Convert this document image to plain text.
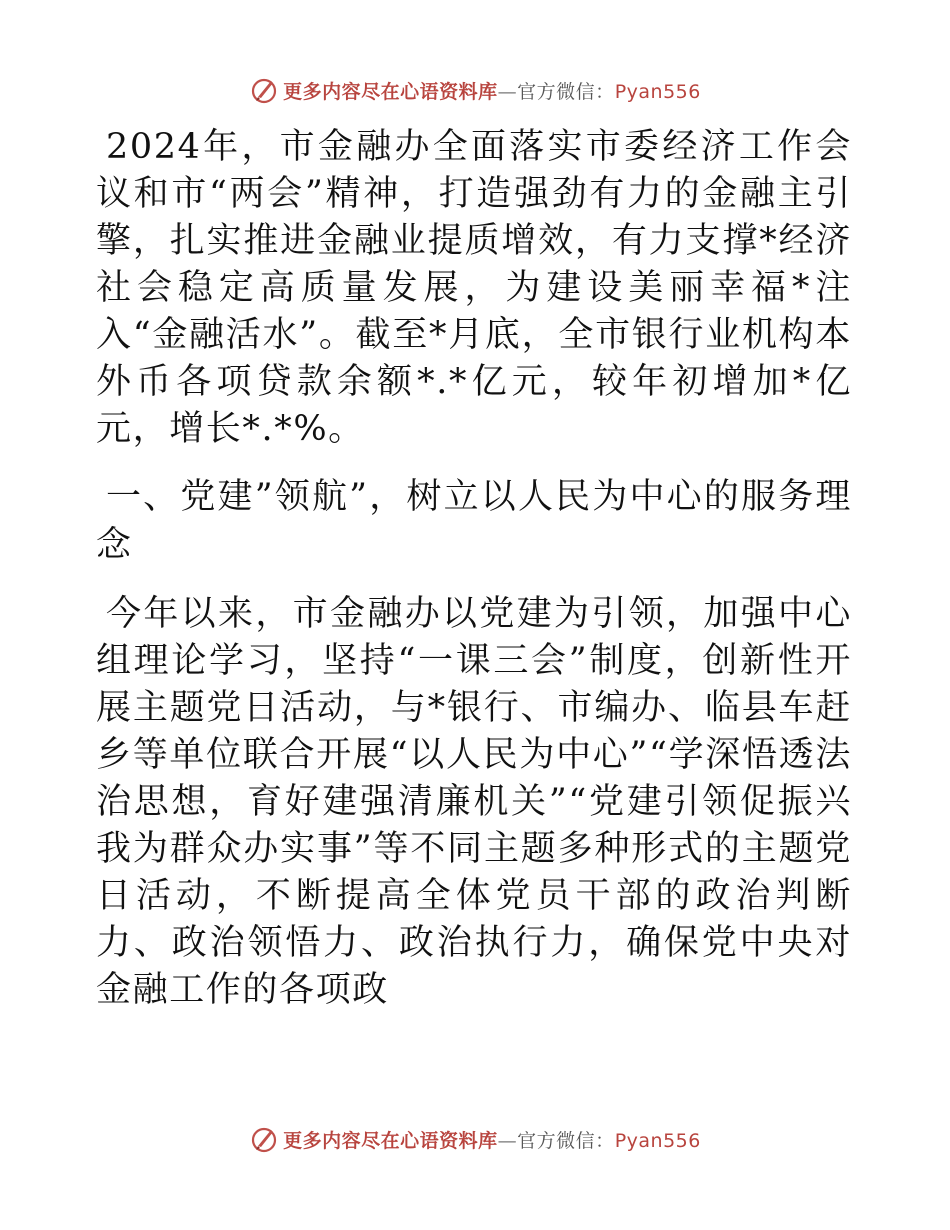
更多内容尽在心语资料库—官方微信：Pyan556

2024年，市金融办全面落实市委经济工作会议和市“两会”精神，打造强劲有力的金融主引擎，扎实推进金融业提质增效，有力支撑*经济社会稳定高质量发展，为建设美丽幸福*注入“金融活水”。截至*月底，全市银行业机构本外币各项贷款余额*.*亿元，较年初增加*亿元，增长*.*%。

一、党建”领航”，树立以人民为中心的服务理念

今年以来，市金融办以党建为引领，加强中心组理论学习，坚持“一课三会”制度，创新性开展主题党日活动，与*银行、市编办、临县车赶乡等单位联合开展“以人民为中心”“学深悟透法治思想，育好建强清廉机关”“党建引领促振兴我为群众办实事”等不同主题多种形式的主题党日活动，不断提高全体党员干部的政治判断力、政治领悟力、政治执行力，确保党中央对金融工作的各项政

更多内容尽在心语资料库—官方微信：Pyan556
